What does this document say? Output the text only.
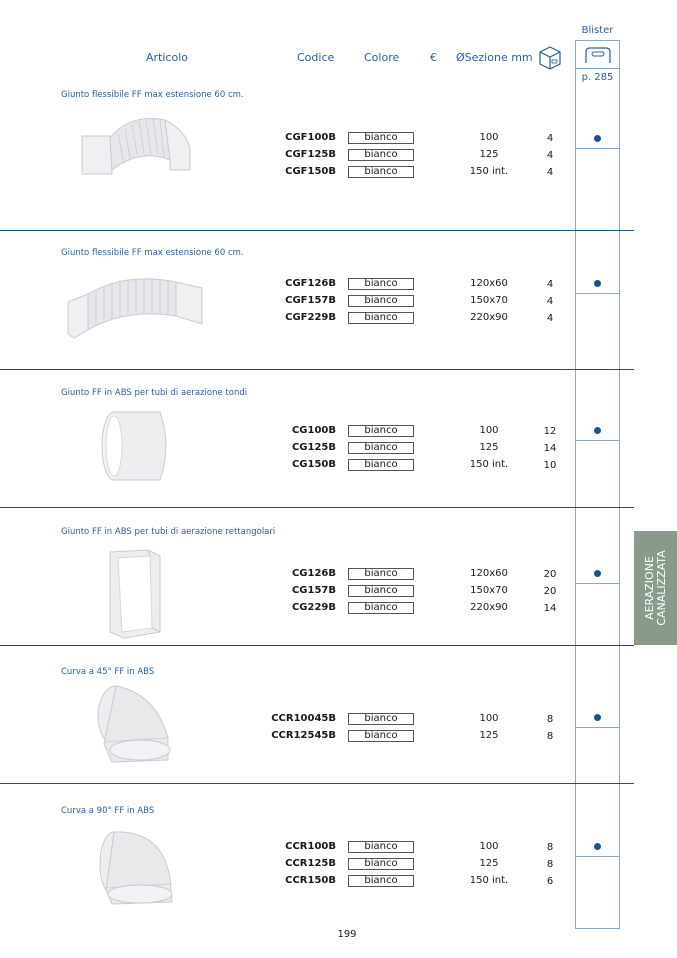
Articolo	Codice	Colore	€ ØSezione mm
Blister
p. 285
Giunto flessibile FF max estensione 60 cm.
CGF100B	bianco	100	4
CGF125B	bianco	125	4
CGF150B	bianco	150 int.	4
Giunto flessibile FF max estensione 60 cm.
CGF126B	bianco	120x60	4
CGF157B	bianco	150x70	4
CGF229B	bianco	220x90	4
Giunto FF in ABS per tubi di aerazione tondi
CG100B	bianco	100	12
CG125B	bianco	125	14
CG150B	bianco	150 int.	10
Giunto FF in ABS per tubi di aerazione rettangolari
CG126B	bianco	120x60	20
CG157B	bianco	150x70	20
CG229B	bianco	220x90	14	AERAZIONE CANALIZZATA
Curva a 45° FF in ABS
CCR10045B	bianco	100	8
CCR12545B	bianco	125	8
Curva a 90° FF in ABS
CCR100B	bianco	100	8
CCR125B	bianco	125	8
CCR150B	bianco	150 int.	6
199
